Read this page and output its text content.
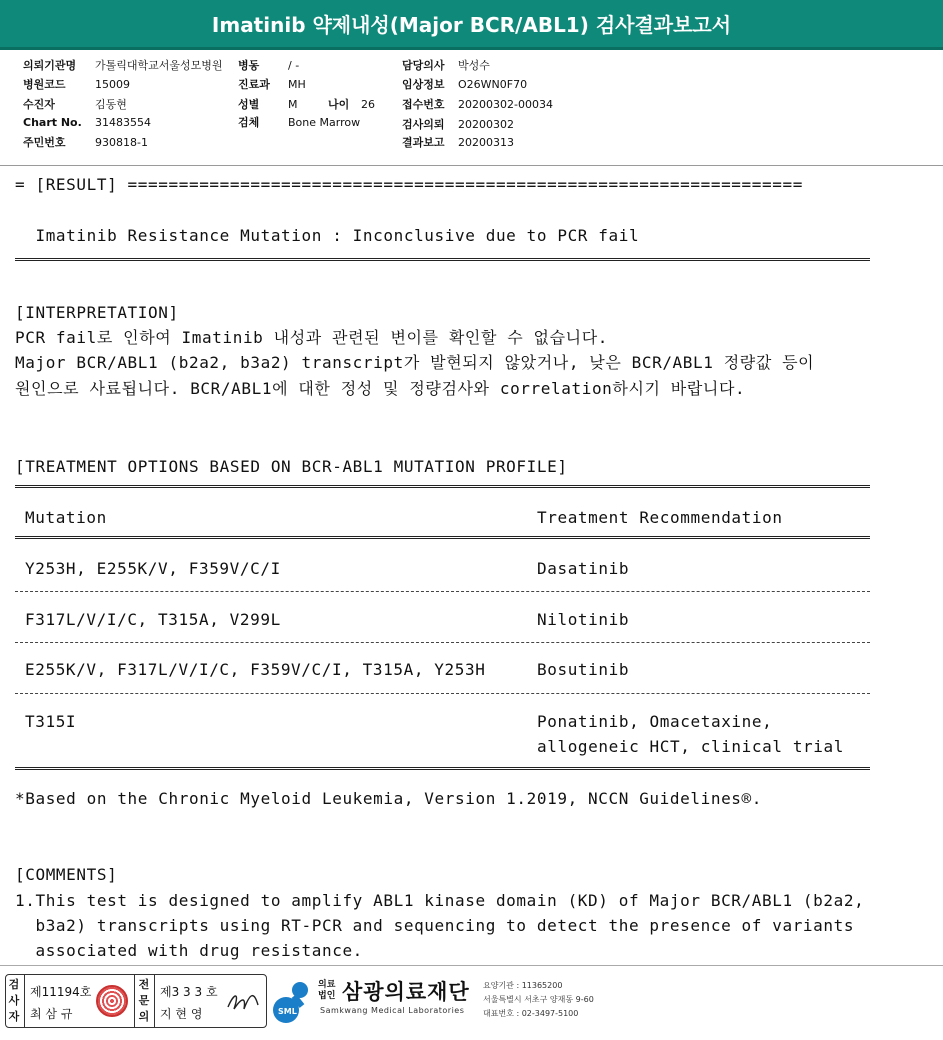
Imatinib 약제내성(Major BCR/ABL1) 검사결과보고서
의뢰기관명 가톨릭대학교서울성모병원
병원코드	15009
수진자	김동현
Chart No. 31483554
주민번호	930818-1
병동	/ -
진료과 MH
성별	M	나이 26
검체	Bone Marrow
담당의사 박성수
임상정보 O26WN0F70
접수번호 20200302-00034
검사의뢰 20200302
결과보고 20200313
= [RESULT] ==================================================================
Imatinib Resistance Mutation : Inconclusive due to PCR fail
[INTERPRETATION]
PCR fail로 인하여 Imatinib 내성과 관련된 변이를 확인할 수 없습니다.
Major BCR/ABL1 (b2a2, b3a2) transcript가 발현되지 않았거나, 낮은 BCR/ABL1 정량값 등이
원인으로 사료됩니다. BCR/ABL1에 대한 정성 및 정량검사와 correlation하시기 바랍니다.
[TREATMENT OPTIONS BASED ON BCR-ABL1 MUTATION PROFILE]
Mutation	Treatment Recommendation
Y253H, E255K/V, F359V/C/I	Dasatinib
F317L/V/I/C, T315A, V299L	Nilotinib
E255K/V, F317L/V/I/C, F359V/C/I, T315A, Y253H	Bosutinib
T315I	Ponatinib, Omacetaxine,
allogeneic HCT, clinical trial
*Based on the Chronic Myeloid Leukemia, Version 1.2019, NCCN Guidelines®.
[COMMENTS]
1.This test is designed to amplify ABL1 kinase domain (KD) of Major BCR/ABL1 (b2a2,
b3a2) transcripts using RT-PCR and sequencing to detect the presence of variants
associated with drug resistance.
검
사
자
제11194호
최 삼 규
전
문
의
제3 3 3 호
지 현 영	SML
의료법인 삼광의료재단
Samkwang Medical Laboratories
요양기관 : 11365200
서울특별시 서초구 양재동 9-60
대표번호 : 02-3497-5100
